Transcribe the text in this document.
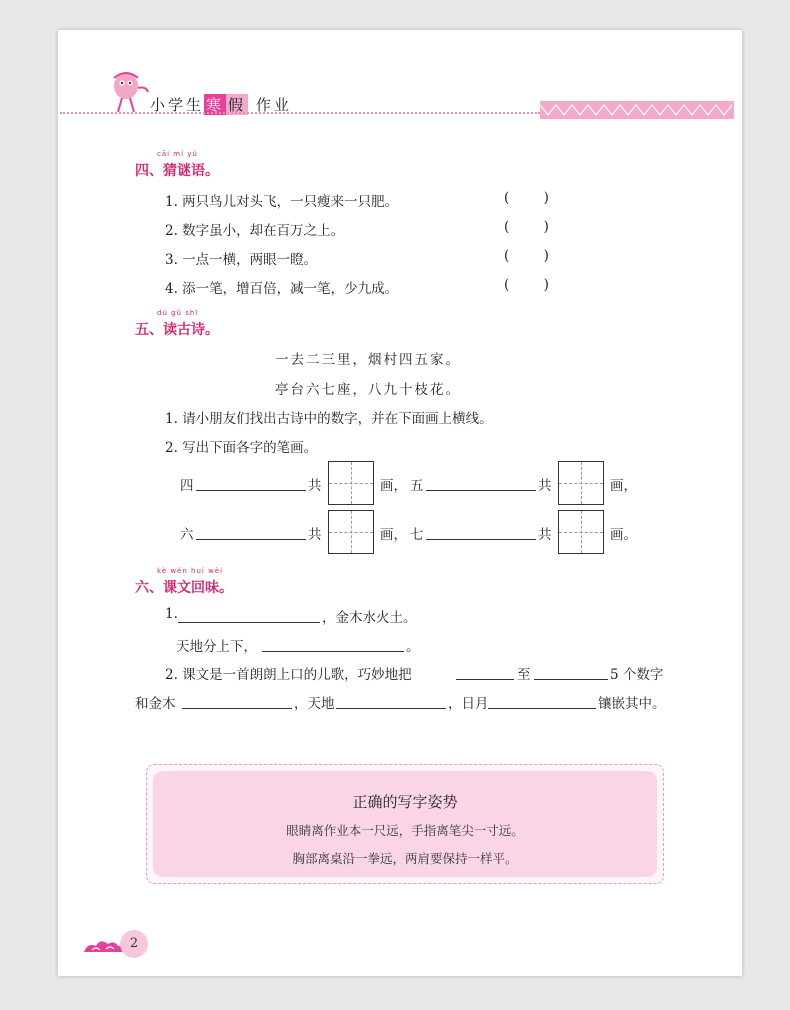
小学生 寒 假 作业
cāi mí yǔ
四、猜谜语。
1. 两只鸟儿对头飞，一只瘦来一只肥。	(        )
2. 数字虽小，却在百万之上。	(        )
3. 一点一横，两眼一瞪。	(        )
4. 添一笔，增百倍，减一笔，少九成。	(        )
dú gǔ shī
五、读古诗。
一去二三里，烟村四五家。
亭台六七座，八九十枝花。
1. 请小朋友们找出古诗中的数字，并在下面画上横线。
2. 写出下面各字的笔画。
四	共	画， 五	共	画，
六	共	画， 七	共	画。
kè wén huí wèi
六、课文回味。
1.	，金木水火土。
天地分上下，	。
2. 课文是一首朗朗上口的儿歌，巧妙地把	至	5 个数字
和金木	，天地	，日月	镶嵌其中。
正确的写字姿势
眼睛离作业本一尺远，手指离笔尖一寸远。
胸部离桌沿一拳远，两肩要保持一样平。
2
